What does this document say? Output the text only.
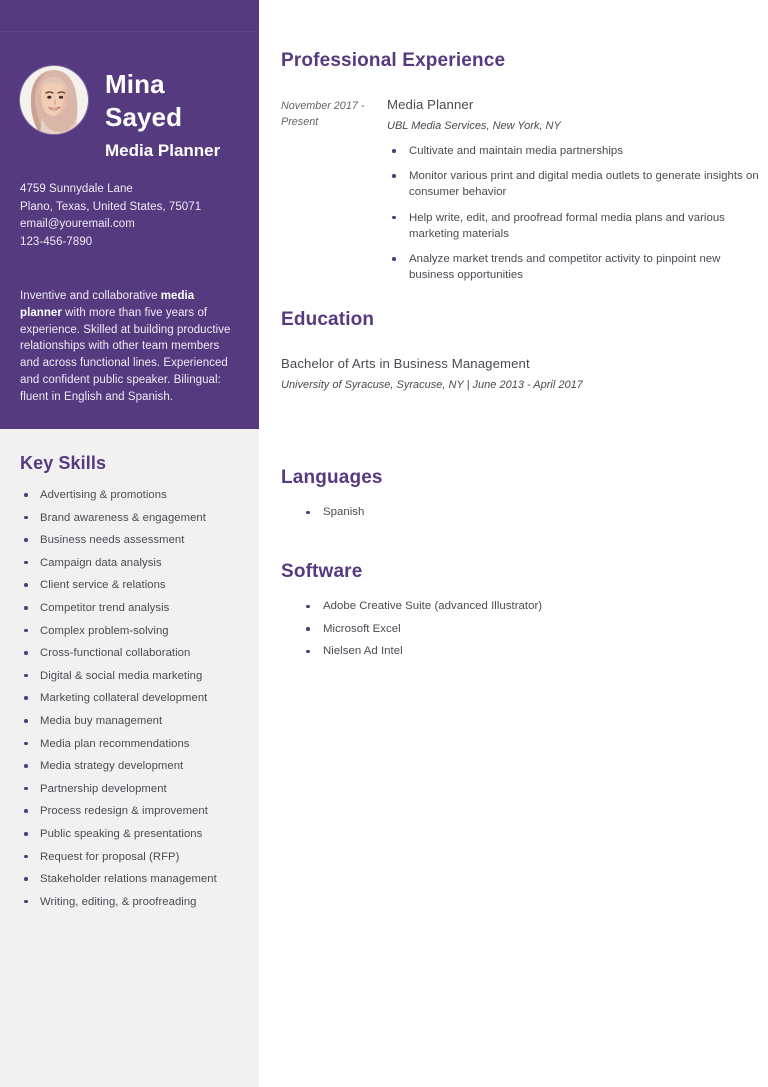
Mina
Sayed
Media Planner
4759 Sunnydale Lane
Plano, Texas, United States, 75071
email@youremail.com
123-456-7890

Inventive and collaborative media planner with more than five years of experience. Skilled at building productive relationships with other team members and across functional lines. Experienced and confident public speaker. Bilingual: fluent in English and Spanish.

Key Skills
Advertising & promotions
Brand awareness & engagement
Business needs assessment
Campaign data analysis
Client service & relations
Competitor trend analysis
Complex problem-solving
Cross-functional collaboration
Digital & social media marketing
Marketing collateral development
Media buy management
Media plan recommendations
Media strategy development
Partnership development
Process redesign & improvement
Public speaking & presentations
Request for proposal (RFP)
Stakeholder relations management
Writing, editing, & proofreading
Professional Experience
November 2017 - Present
Media Planner
UBL Media Services, New York, NY
Cultivate and maintain media partnerships
Monitor various print and digital media outlets to generate insights on consumer behavior
Help write, edit, and proofread formal media plans and various marketing materials
Analyze market trends and competitor activity to pinpoint new business opportunities
Education
Bachelor of Arts in Business Management
University of Syracuse, Syracuse, NY | June 2013 - April 2017
Languages
Spanish
Software
Adobe Creative Suite (advanced Illustrator)
Microsoft Excel
Nielsen Ad Intel
